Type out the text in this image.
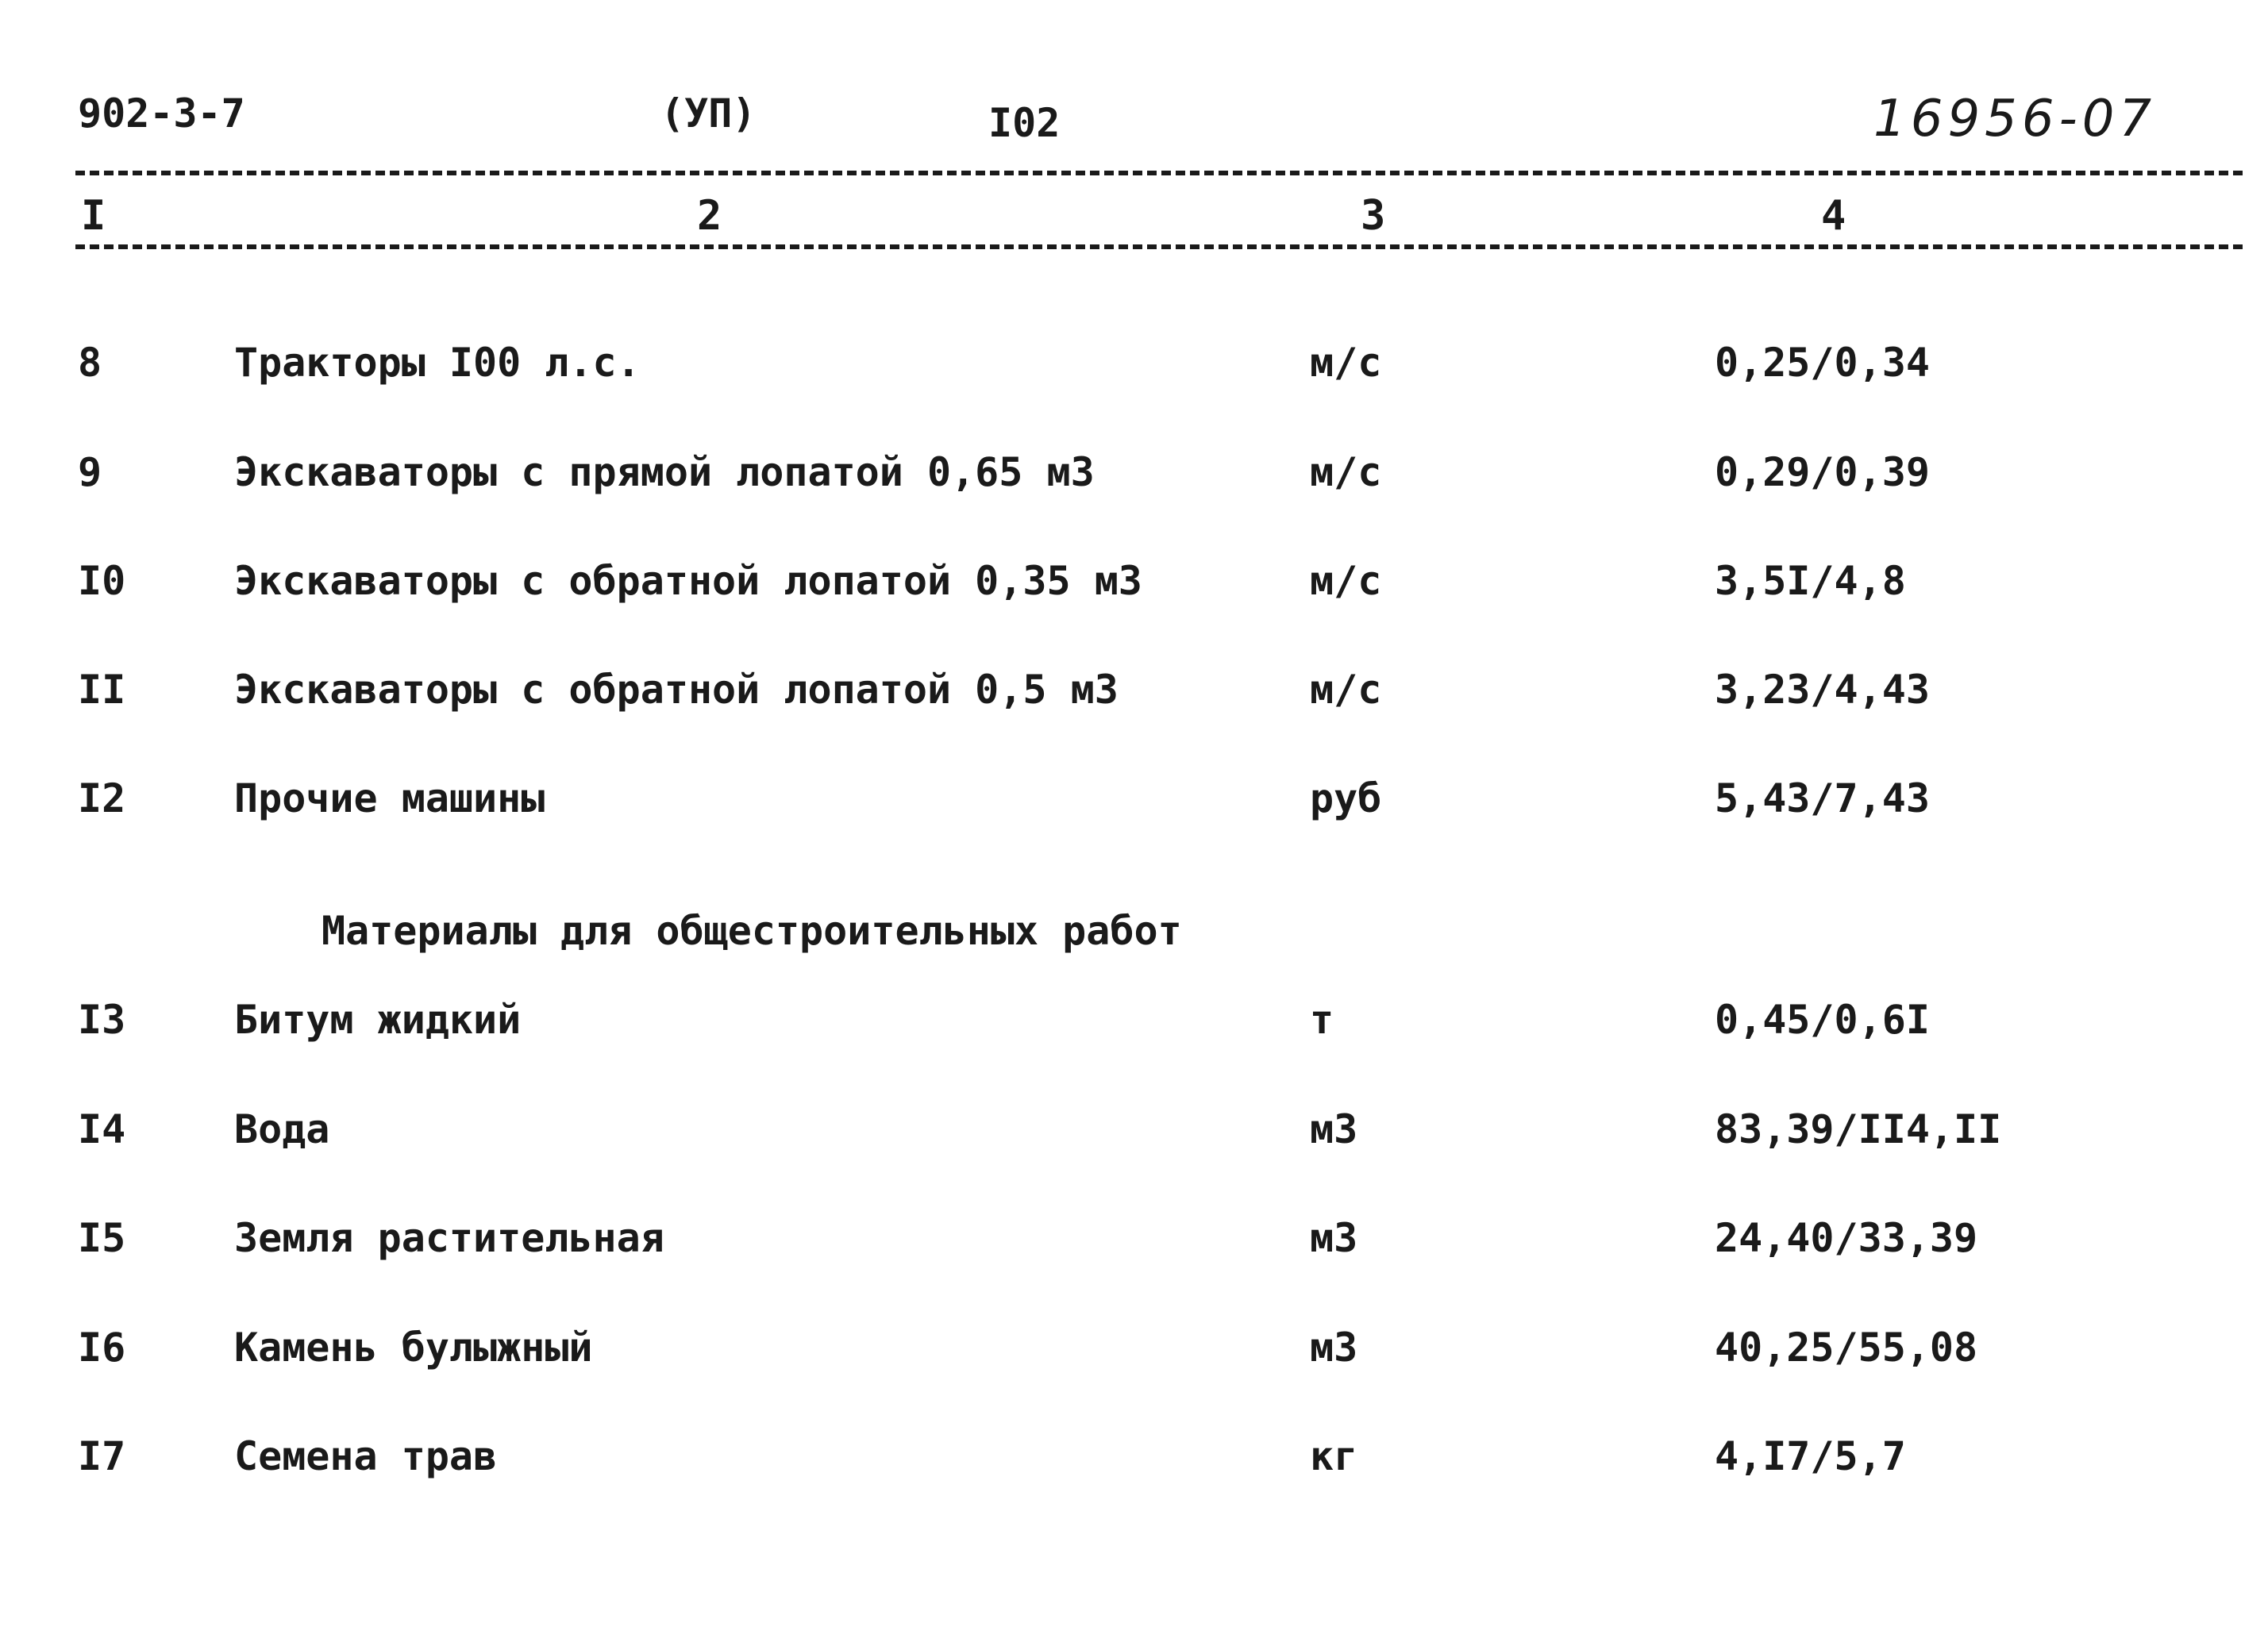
902-3-7	(УП)	I02	16956-07
I	2	3	4
8	Тракторы I00 л.с.	м/с	0,25/0,34
9	Экскаваторы с прямой лопатой 0,65 м3	м/с	0,29/0,39
I0	Экскаваторы с обратной лопатой 0,35 м3	м/с	3,5I/4,8
II	Экскаваторы с обратной лопатой 0,5 м3	м/с	3,23/4,43
I2	Прочие машины	руб	5,43/7,43
Материалы для общестроительных работ
I3	Битум жидкий	т	0,45/0,6I
I4	Вода	м3	83,39/II4,II
I5	Земля растительная	м3	24,40/33,39
I6	Камень булыжный	м3	40,25/55,08
I7	Семена трав	кг	4,I7/5,7
